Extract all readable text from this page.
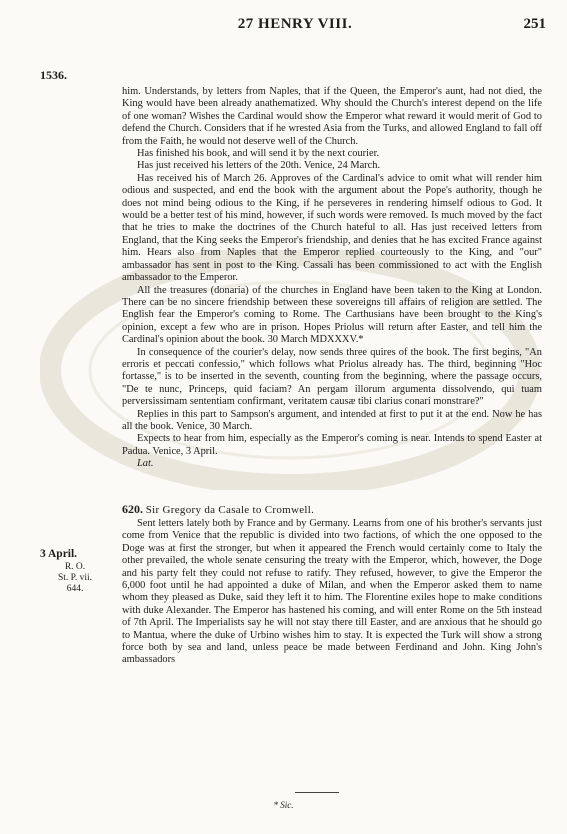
27 HENRY VIII.	251
1536.
3 April.
R. O.
St. P. vii.
644.

him. Understands, by letters from Naples, that if the Queen, the Emperor's aunt, had not died, the King would have been already anathematized. Why should the Church's interest depend on the life of one woman? Wishes the Cardinal would show the Emperor what reward it would merit of God to defend the Church. Considers that if he wrested Asia from the Turks, and allowed England to fall off from the Faith, he would not deserve well of the Church.

Has finished his book, and will send it by the next courier.

Has just received his letters of the 20th. Venice, 24 March.

Has received his of March 26. Approves of the Cardinal's advice to omit what will render him odious and suspected, and end the book with the argument about the Pope's authority, though he does not mind being odious to the King, if he perseveres in rendering himself odious to God. It would be a better test of his mind, however, if such words were removed. Is much moved by the fact that he tries to make the doctrines of the Church hateful to all. Has just received letters from England, that the King seeks the Emperor's friendship, and denies that he has excited France against him. Hears also from Naples that the Emperor replied courteously to the King, and "our" ambassador has sent in post to the King. Cassali has been commissioned to act with the English ambassador to the Emperor.

All the treasures (donaria) of the churches in England have been taken to the King at London. There can be no sincere friendship between these sovereigns till affairs of religion are settled. The English fear the Emperor's coming to Rome. The Carthusians have been brought to the King's opinion, except a few who are in prison. Hopes Priolus will return after Easter, and tell him the Cardinal's opinion about the book. 30 March MDXXXV.*

In consequence of the courier's delay, now sends three quires of the book. The first begins, "An erroris et peccati confessio," which follows what Priolus already has. The third, beginning "Hoc fortasse," is to be inserted in the seventh, counting from the beginning, where the passage occurs, "De te nunc, Princeps, quid faciam? An pergam illorum argumenta dissolvendo, qui tuam perversissimam sententiam confirmant, veritatem causæ tibi clarius conari monstrare?"

Replies in this part to Sampson's argument, and intended at first to put it at the end. Now he has all the book. Venice, 30 March.

Expects to hear from him, especially as the Emperor's coming is near. Intends to spend Easter at Padua. Venice, 3 April.

Lat.

620. Sir Gregory da Casale to Cromwell.

Sent letters lately both by France and by Germany. Learns from one of his brother's servants just come from Venice that the republic is divided into two factions, of which the one opposed to the Doge was at first the stronger, but when it appeared the French would certainly come to Italy the other prevailed, the whole senate censuring the treaty with the Emperor, which, however, the Doge and his party felt they could not refuse to ratify. They refused, however, to give the Emperor the 6,000 foot until he had appointed a duke of Milan, and when the Emperor asked them to name whom they pleased as Duke, said they left it to him. The Florentine exiles hope to make conditions with duke Alexander. The Emperor has hastened his coming, and will enter Rome on the 5th instead of 7th April. The Imperialists say he will not stay there till Easter, and are anxious that he should go to Mantua, where the duke of Urbino wishes him to stay. It is expected the Turk will show a strong force both by sea and land, unless peace be made between Ferdinand and John. King John's ambassadors

* Sic.
